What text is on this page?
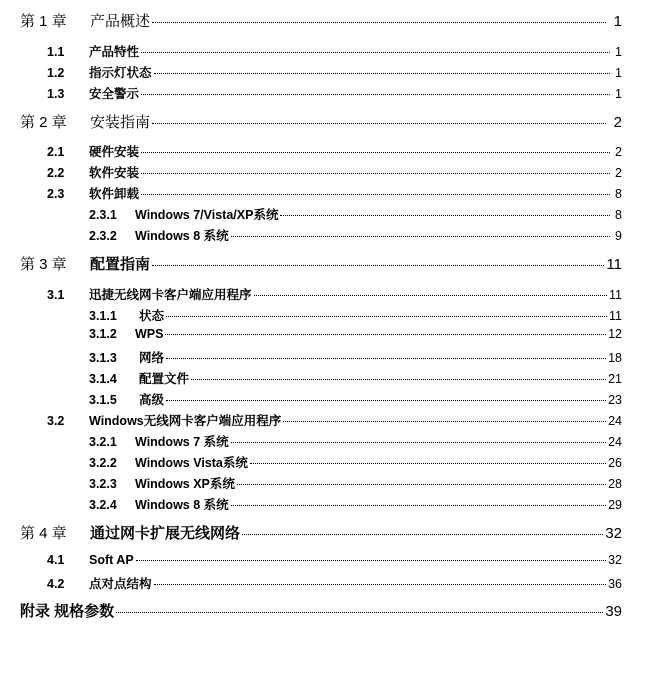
第 1 章	产品概述	1
1.1	产品特性	1
1.2	指示灯状态	1
1.3	安全警示	1
第 2 章	安装指南	2
2.1	硬件安装	2
2.2	软件安装	2
2.3	软件卸载	8
2.3.1	Windows 7/Vista/XP系统	8
2.3.2	Windows 8 系统	9
第 3 章	配置指南	11
3.1	迅捷无线网卡客户端应用程序	11
3.1.1	状态	11
3.1.2	WPS	12
3.1.3	网络	18
3.1.4	配置文件	21
3.1.5	高级	23
3.2	Windows无线网卡客户端应用程序	24
3.2.1	Windows 7 系统	24
3.2.2	Windows Vista系统	26
3.2.3	Windows XP系统	28
3.2.4	Windows 8 系统	29
第 4 章	通过网卡扩展无线网络	32
4.1	Soft AP	32
4.2	点对点结构	36
附录 规格参数	39
